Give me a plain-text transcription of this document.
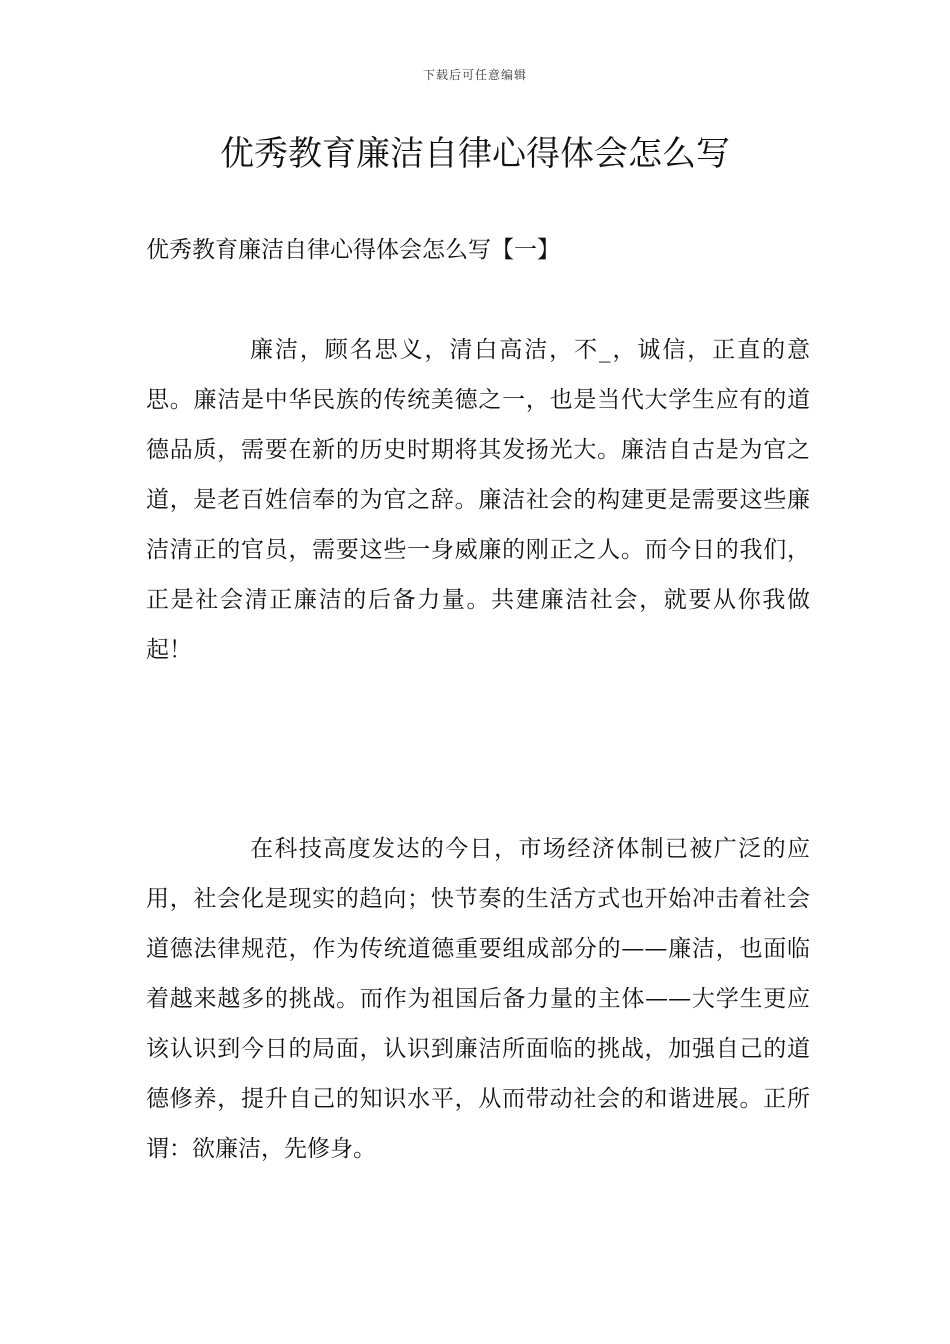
下载后可任意编辑
优秀教育廉洁自律心得体会怎么写
优秀教育廉洁自律心得体会怎么写【一】

廉洁，顾名思义，清白高洁，不_，诚信，正直的意思。廉洁是中华民族的传统美德之一，也是当代大学生应有的道德品质，需要在新的历史时期将其发扬光大。廉洁自古是为官之道，是老百姓信奉的为官之辞。廉洁社会的构建更是需要这些廉洁清正的官员，需要这些一身威廉的刚正之人。而今日的我们，正是社会清正廉洁的后备力量。共建廉洁社会，就要从你我做起！

在科技高度发达的今日，市场经济体制已被广泛的应用，社会化是现实的趋向；快节奏的生活方式也开始冲击着社会道德法律规范，作为传统道德重要组成部分的——廉洁，也面临着越来越多的挑战。而作为祖国后备力量的主体——大学生更应该认识到今日的局面，认识到廉洁所面临的挑战，加强自己的道德修养，提升自己的知识水平，从而带动社会的和谐进展。正所谓：欲廉洁，先修身。
